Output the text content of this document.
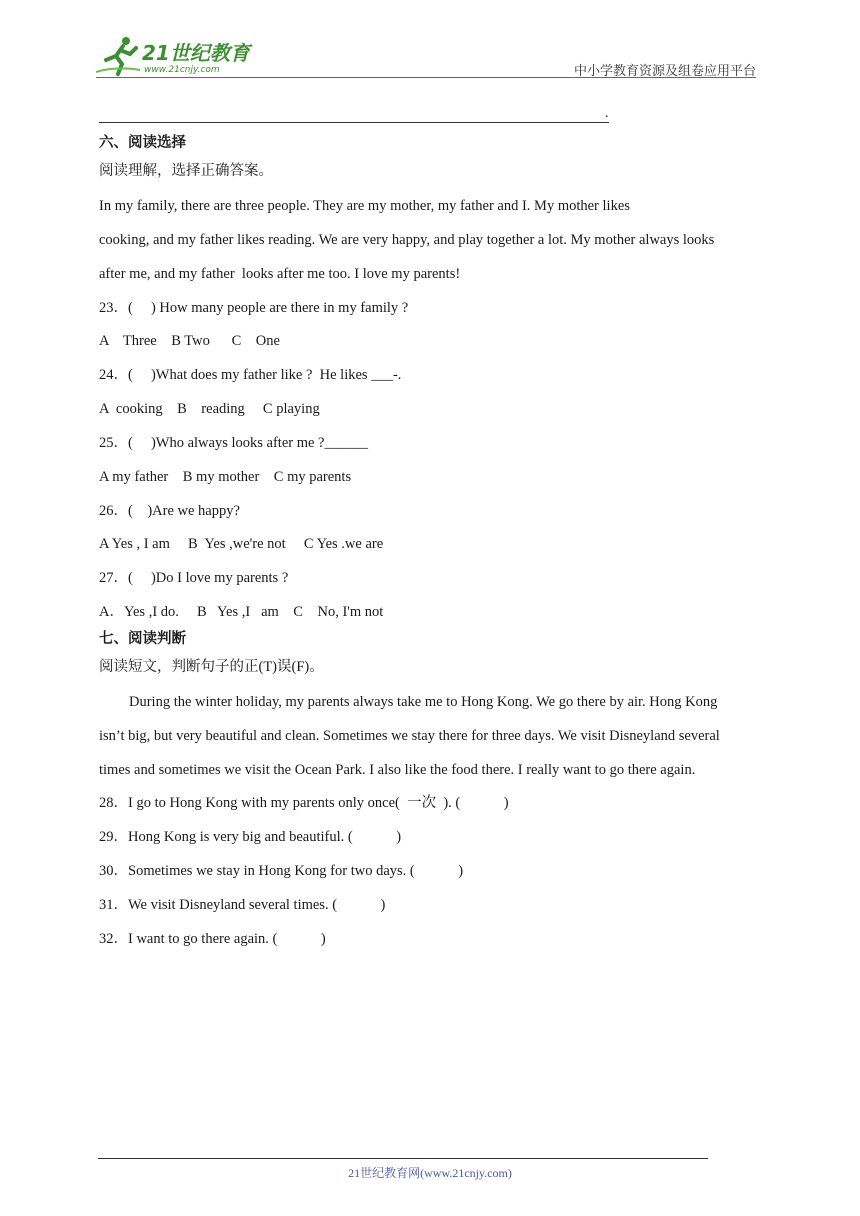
21世纪教育
www.21cnjy.com	中小学教育资源及组卷应用平台
.
六、阅读选择
阅读理解，选择正确答案。
In my family, there are three people. They are my mother, my father and I. My mother likes
cooking, and my father likes reading. We are very happy, and play together a lot. My mother always looks
after me, and my father  looks after me too. I love my parents!
23．(     ) How many people are there in my family ?
A    Three    B Two      C    One
24．(     )What does my father like ?  He likes ___-.
A  cooking    B    reading     C playing
25．(     )Who always looks after me ?______
A my father    B my mother    C my parents
26．(    )Are we happy?
A Yes , I am     B  Yes ,we're not     C Yes .we are
27．(     )Do I love my parents ?
A．Yes ,I do.     B   Yes ,I   am    C    No, I'm not
七、阅读判断
阅读短文，判断句子的正(T)误(F)。
During the winter holiday, my parents always take me to Hong Kong. We go there by air. Hong Kong
isn’t big, but very beautiful and clean. Sometimes we stay there for three days. We visit Disneyland several
times and sometimes we visit the Ocean Park. I also like the food there. I really want to go there again.
28．I go to Hong Kong with my parents only once(  一次  ). (            )
29．Hong Kong is very big and beautiful. (            )
30．Sometimes we stay in Hong Kong for two days. (            )
31．We visit Disneyland several times. (            )
32．I want to go there again. (            )
21世纪教育网(www.21cnjy.com)
